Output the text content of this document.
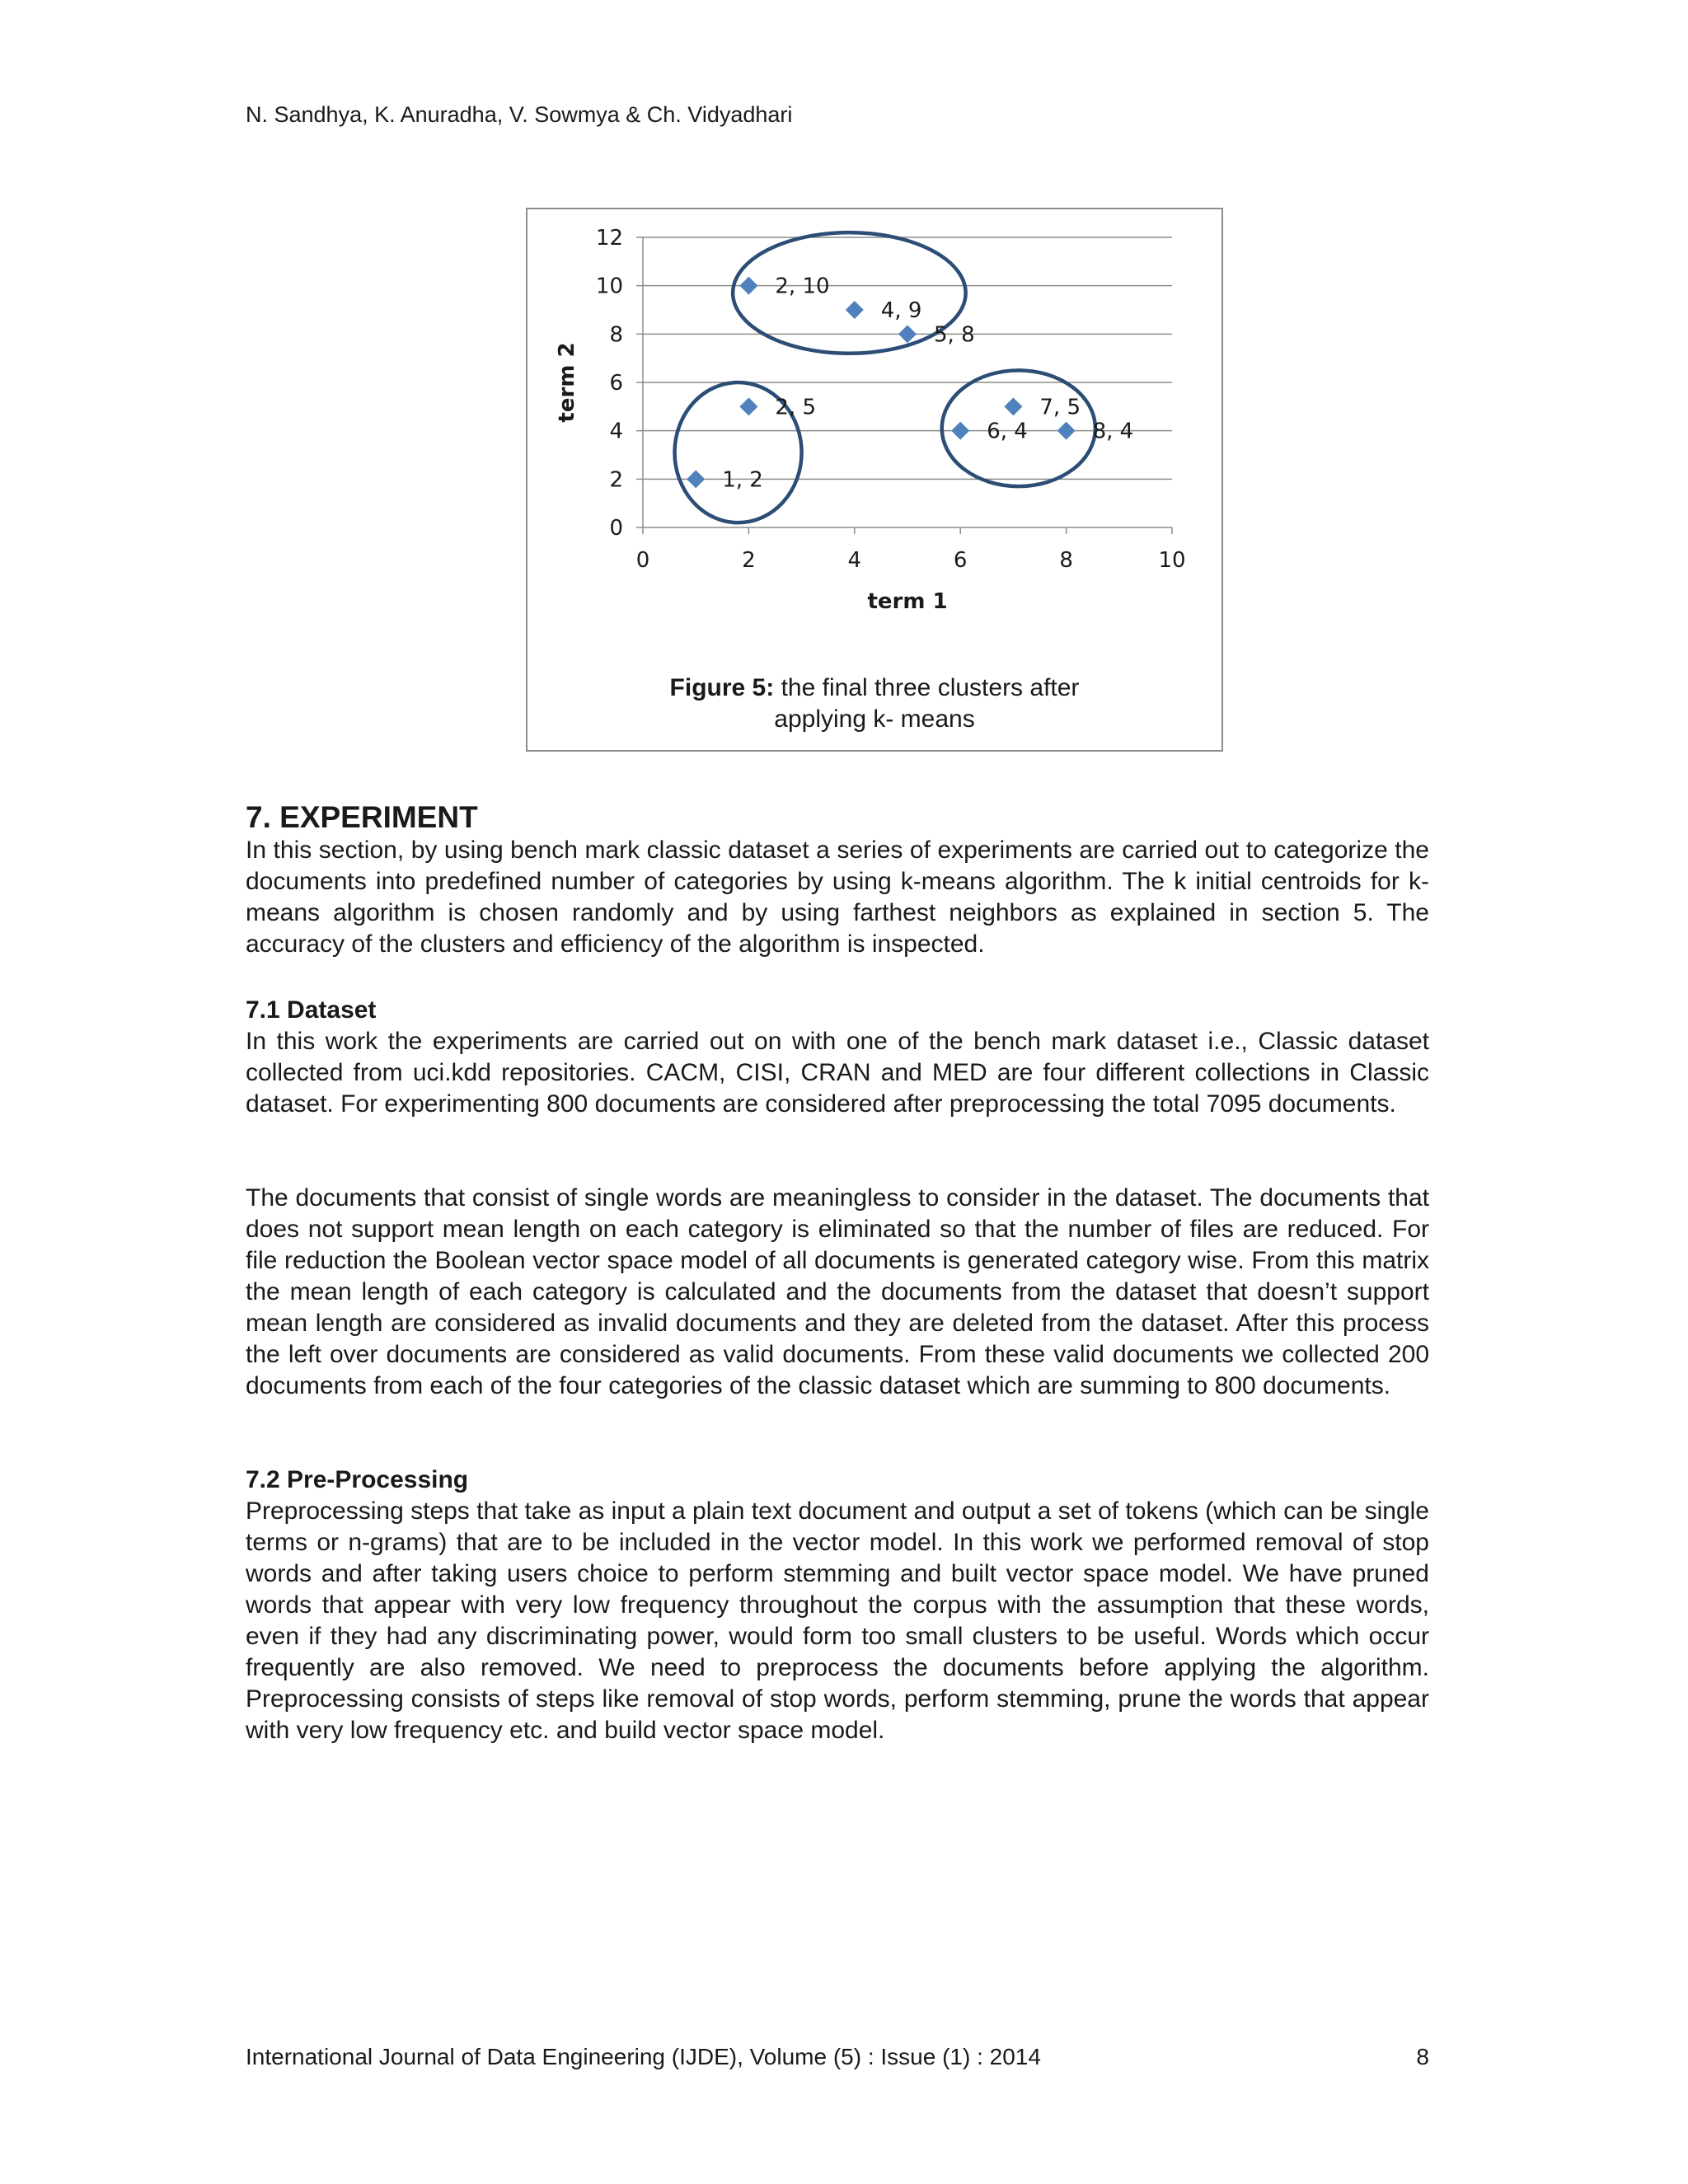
N. Sandhya, K. Anuradha, V. Sowmya & Ch. Vidyadhari
0
2
4
6
8
10
12
0	2	4	6	8	10
term 1
term 2
2, 10
4, 9
5, 8
2, 5
1, 2
7, 5
6, 4	8, 4
Figure 5: the final three clusters after
applying k- means
7. EXPERIMENT

In this section, by using bench mark classic dataset a series of experiments are carried out to categorize the documents into predefined number of categories by using k-means algorithm. The k initial centroids for k-means algorithm is chosen randomly and by using farthest neighbors as explained in section 5. The accuracy of the clusters and efficiency of the algorithm is inspected.

7.1 Dataset

In this work the experiments are carried out on with one of the bench mark dataset i.e., Classic dataset collected from uci.kdd repositories. CACM, CISI, CRAN and MED are four different collections in Classic dataset. For experimenting 800 documents are considered after preprocessing the total 7095 documents.

The documents that consist of single words are meaningless to consider in the dataset. The documents that does not support mean length on each category is eliminated so that the number of files are reduced. For file reduction the Boolean vector space model of all documents is generated category wise. From this matrix the mean length of each category is calculated and the documents from the dataset that doesn’t support mean length are considered as invalid documents and they are deleted from the dataset. After this process the left over documents are considered as valid documents. From these valid documents we collected 200 documents from each of the four categories of the classic dataset which are summing to 800 documents.

7.2 Pre-Processing

Preprocessing steps that take as input a plain text document and output a set of tokens (which can be single terms or n-grams) that are to be included in the vector model. In this work we performed removal of stop words and after taking users choice to perform stemming and built vector space model. We have pruned words that appear with very low frequency throughout the corpus with the assumption that these words, even if they had any discriminating power, would form too small clusters to be useful. Words which occur frequently are also removed. We need to preprocess the documents before applying the algorithm. Preprocessing consists of steps like removal of stop words, perform stemming, prune the words that appear with very low frequency etc. and build vector space model.

International Journal of Data Engineering (IJDE), Volume (5) : Issue (1) : 2014	8
